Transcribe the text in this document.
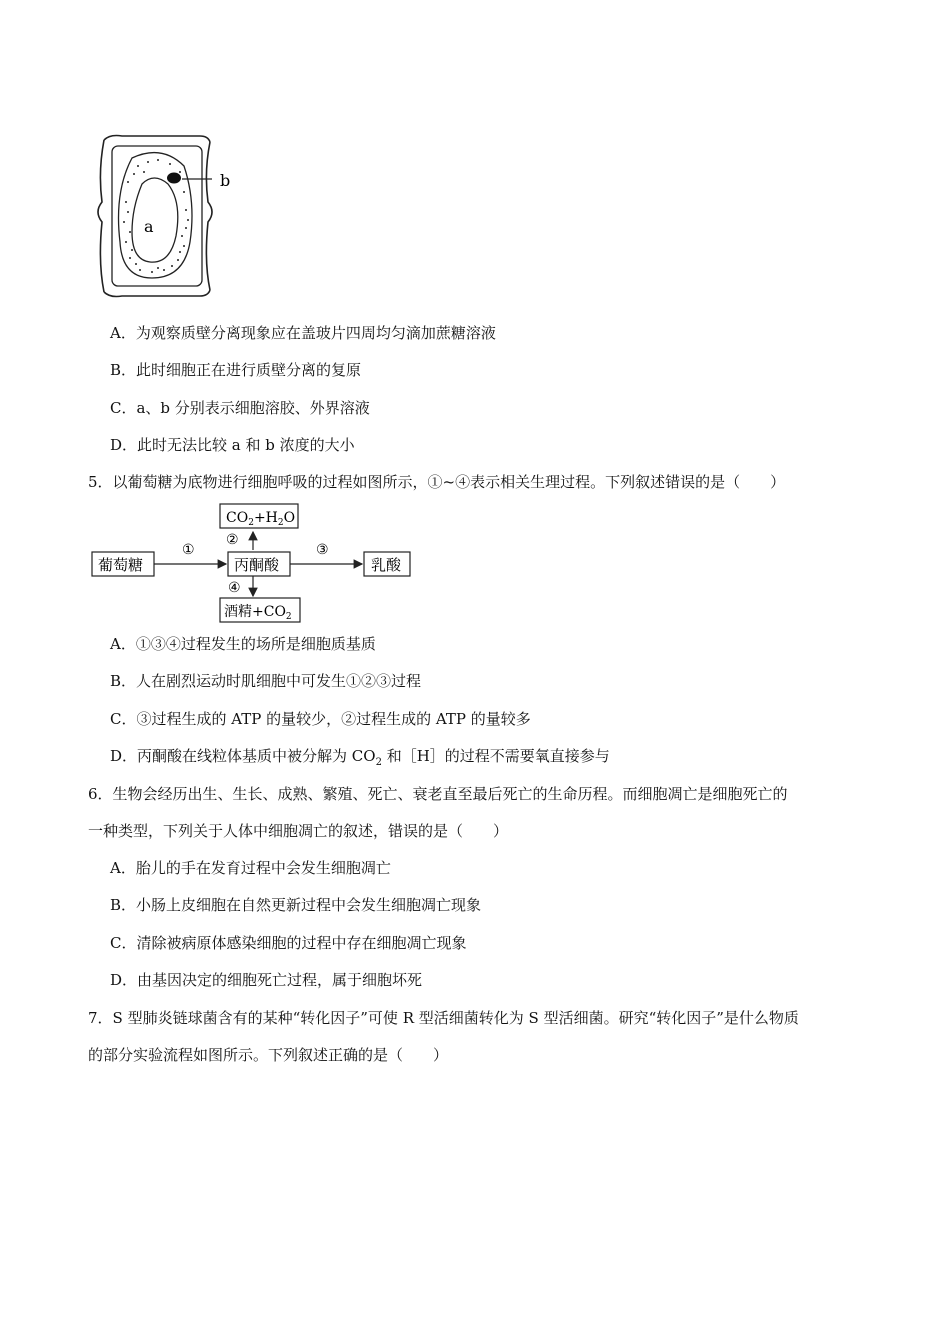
b
a
A．为观察质壁分离现象应在盖玻片四周均匀滴加蔗糖溶液
B．此时细胞正在进行质壁分离的复原
C．a、b 分别表示细胞溶胶、外界溶液
D．此时无法比较 a 和 b 浓度的大小
5．以葡萄糖为底物进行细胞呼吸的过程如图所示，①~④表示相关生理过程。下列叙述错误的是（　　）
$CO_2+H_2O$
②
葡萄糖
①
丙酮酸
③
乳酸
④
酒精$+CO_2$
A．①③④过程发生的场所是细胞质基质
B．人在剧烈运动时肌细胞中可发生①②③过程
C．③过程生成的 ATP 的量较少，②过程生成的 ATP 的量较多
D．丙酮酸在线粒体基质中被分解为 $CO_2$ 和［H］的过程不需要氧直接参与
6．生物会经历出生、生长、成熟、繁殖、死亡、衰老直至最后死亡的生命历程。而细胞凋亡是细胞死亡的
一种类型，下列关于人体中细胞凋亡的叙述，错误的是（　　）
A．胎儿的手在发育过程中会发生细胞凋亡
B．小肠上皮细胞在自然更新过程中会发生细胞凋亡现象
C．清除被病原体感染细胞的过程中存在细胞凋亡现象
D．由基因决定的细胞死亡过程，属于细胞坏死
7．S 型肺炎链球菌含有的某种“转化因子”可使 R 型活细菌转化为 S 型活细菌。研究“转化因子”是什么物质
的部分实验流程如图所示。下列叙述正确的是（　　）
